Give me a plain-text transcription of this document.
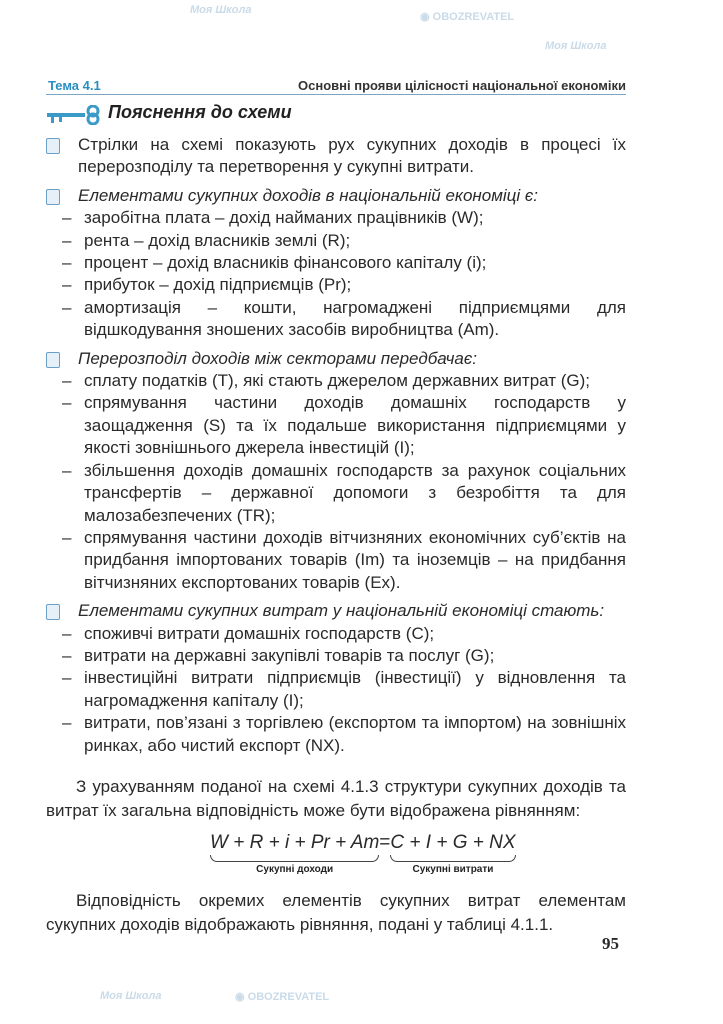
Моя Школа
◉ OBOZREVATEL
Моя Школа
Моя Школа	◉ OBOZREVATEL
Тема 4.1	Основні прояви цілісності національної економіки
Пояснення до схеми
Стрілки на схемі показують рух сукупних доходів в процесі їх перерозподілу та перетворення у сукупні витрати.
Елементами сукупних доходів в національній економіці є:
– заробітна плата – дохід найманих працівників (W);
– рента – дохід власників землі (R);
– процент – дохід власників фінансового капіталу (i);
– прибуток – дохід підприємців (Pr);
– амортизація – кошти, нагромаджені підприємцями для відшкодування зношених засобів виробництва (Am).
Перерозподіл доходів між секторами передбачає:
– сплату податків (T), які стають джерелом державних витрат (G);
– спрямування частини доходів домашніх господарств у заощадження (S) та їх подальше використання підприємцями у якості зовнішнього джерела інвестицій (I);
– збільшення доходів домашніх господарств за рахунок соціальних трансфертів – державної допомоги з безробіття та для малозабезпечених (TR);
– спрямування частини доходів вітчизняних економічних суб’єктів на придбання імпортованих товарів (Im) та іноземців – на придбання вітчизняних експортованих товарів (Ex).
Елементами сукупних витрат у національній економіці стають:
– споживчі витрати домашніх господарств (C);
– витрати на державні закупівлі товарів та послуг (G);
– інвестиційні витрати підприємців (інвестиції) у відновлення та нагромадження капіталу (I);
– витрати, пов’язані з торгівлею (експортом та імпортом) на зовнішніх ринках, або чистий експорт (NX).
З урахуванням поданої на схемі 4.1.3 структури сукупних доходів та витрат їх загальна відповідність може бути відображена рівнянням:
W + R + i + Pr + Am
Сукупні доходи
= C + I + G + NX
Сукупні витрати
Відповідність окремих елементів сукупних витрат елементам сукупних доходів відображають рівняння, подані у таблиці 4.1.1.
95
